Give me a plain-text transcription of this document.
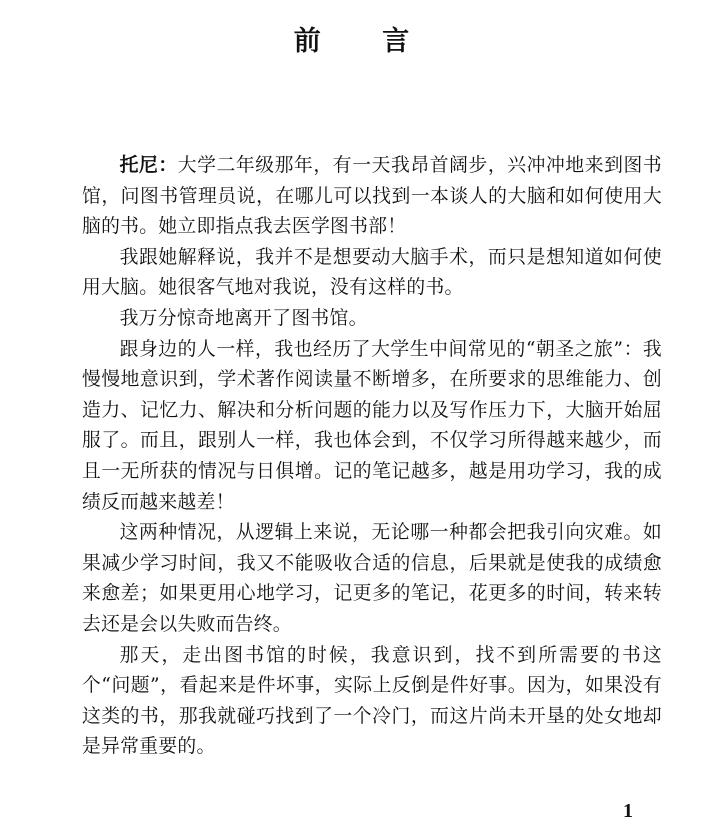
前 言

托尼：大学二年级那年，有一天我昂首阔步，兴冲冲地来到图书馆，问图书管理员说，在哪儿可以找到一本谈人的大脑和如何使用大脑的书。她立即指点我去医学图书部！

我跟她解释说，我并不是想要动大脑手术，而只是想知道如何使用大脑。她很客气地对我说，没有这样的书。

我万分惊奇地离开了图书馆。

跟身边的人一样，我也经历了大学生中间常见的“朝圣之旅”：我慢慢地意识到，学术著作阅读量不断增多，在所要求的思维能力、创造力、记忆力、解决和分析问题的能力以及写作压力下，大脑开始屈服了。而且，跟别人一样，我也体会到，不仅学习所得越来越少，而且一无所获的情况与日俱增。记的笔记越多，越是用功学习，我的成绩反而越来越差！

这两种情况，从逻辑上来说，无论哪一种都会把我引向灾难。如果减少学习时间，我又不能吸收合适的信息，后果就是使我的成绩愈来愈差；如果更用心地学习，记更多的笔记，花更多的时间，转来转去还是会以失败而告终。

那天，走出图书馆的时候，我意识到，找不到所需要的书这个“问题”，看起来是件坏事，实际上反倒是件好事。因为，如果没有这类的书，那我就碰巧找到了一个冷门，而这片尚未开垦的处女地却是异常重要的。

1
